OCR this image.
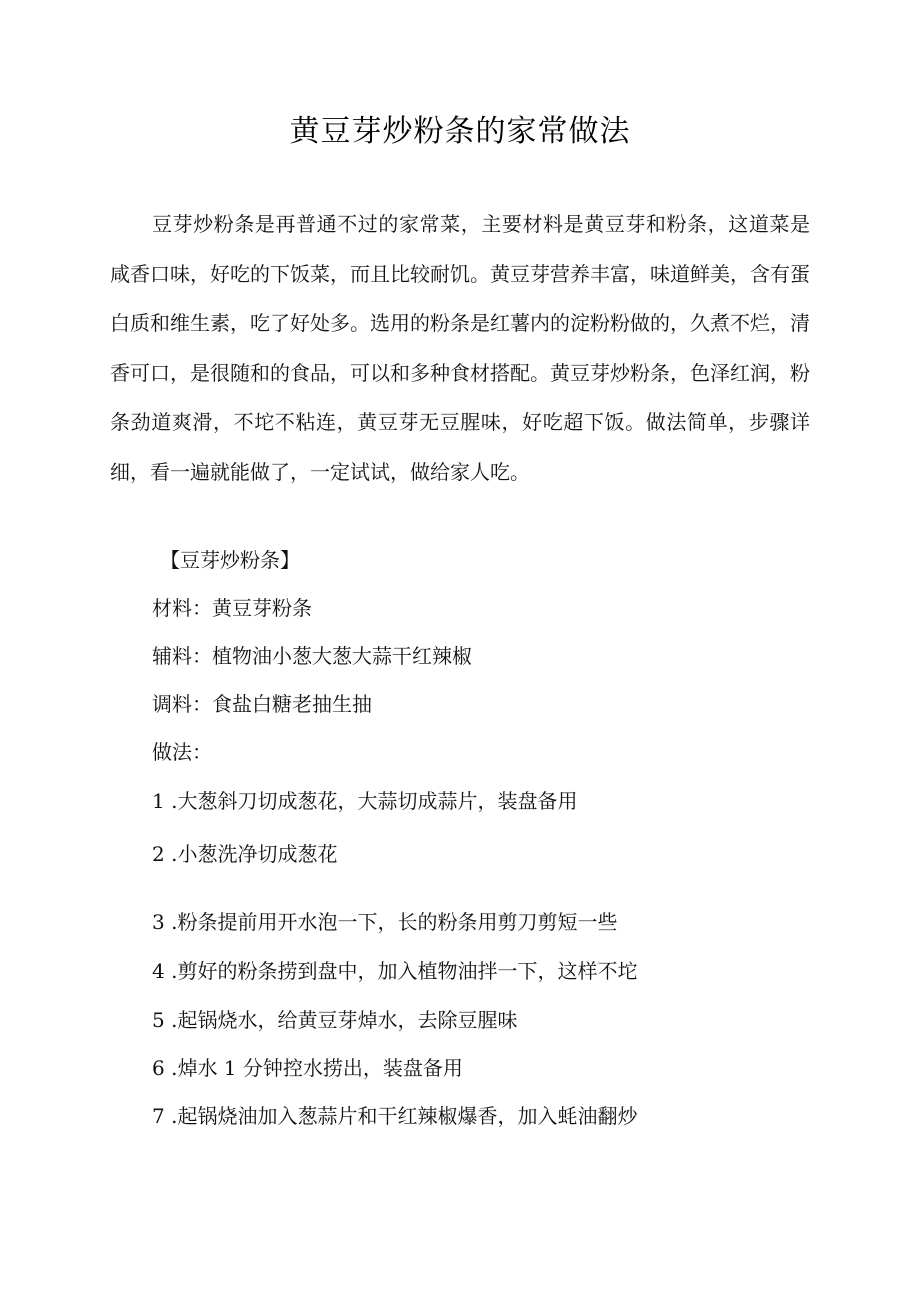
黄豆芽炒粉条的家常做法

豆芽炒粉条是再普通不过的家常菜，主要材料是黄豆芽和粉条，这道菜是咸香口味，好吃的下饭菜，而且比较耐饥。黄豆芽营养丰富，味道鲜美，含有蛋白质和维生素，吃了好处多。选用的粉条是红薯内的淀粉粉做的，久煮不烂，清香可口，是很随和的食品，可以和多种食材搭配。黄豆芽炒粉条，色泽红润，粉条劲道爽滑，不坨不粘连，黄豆芽无豆腥味，好吃超下饭。做法简单，步骤详细，看一遍就能做了，一定试试，做给家人吃。

【豆芽炒粉条】

材料：黄豆芽粉条

辅料：植物油小葱大葱大蒜干红辣椒

调料：食盐白糖老抽生抽

做法：

1 .大葱斜刀切成葱花，大蒜切成蒜片，装盘备用

2 .小葱洗净切成葱花

3 .粉条提前用开水泡一下，长的粉条用剪刀剪短一些

4 .剪好的粉条捞到盘中，加入植物油拌一下，这样不坨

5 .起锅烧水，给黄豆芽焯水，去除豆腥味

6 .焯水 1 分钟控水捞出，装盘备用

7 .起锅烧油加入葱蒜片和干红辣椒爆香，加入蚝油翻炒
